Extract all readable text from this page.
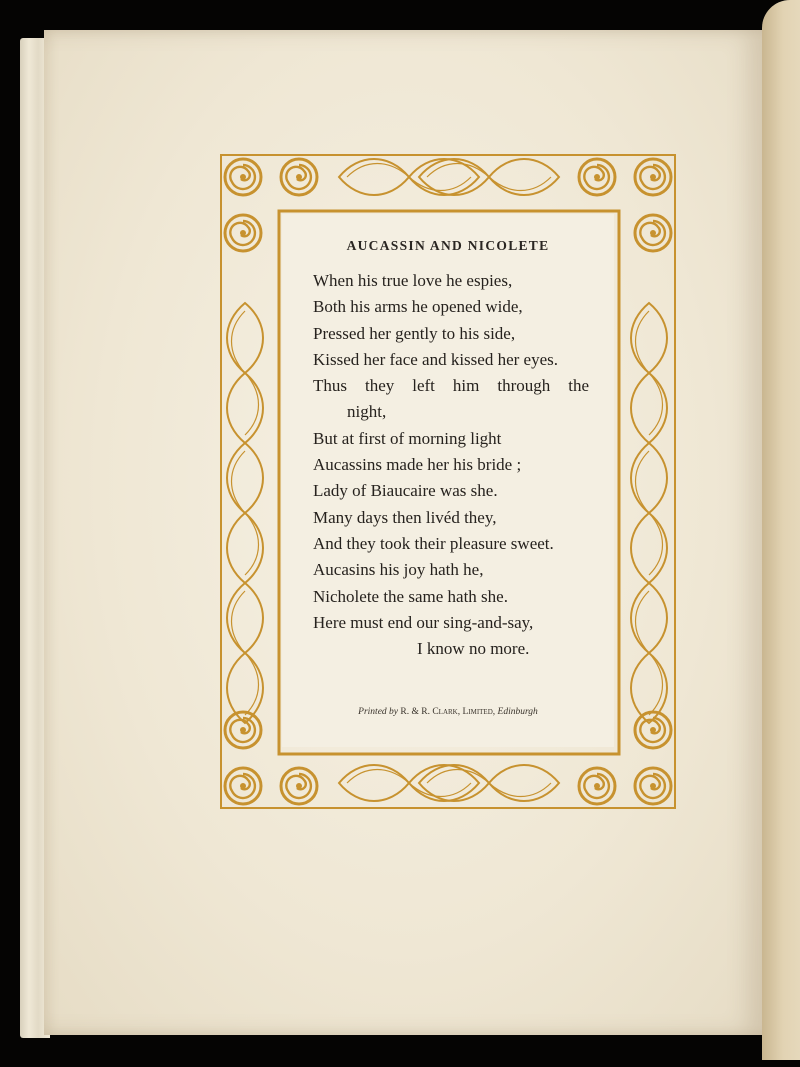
AUCASSIN AND NICOLETE
When his true love he espies,
Both his arms he opened wide,
Pressed her gently to his side,
Kissed her face and kissed her eyes.
Thus they left him through the
night,
But at first of morning light
Aucassins made her his bride ;
Lady of Biaucaire was she.
Many days then livéd they,
And they took their pleasure sweet.
Aucasins his joy hath he,
Nicholete the same hath she.
Here must end our sing-and-say,
I know no more.
Printed by R. & R. Clark, Limited, Edinburgh
